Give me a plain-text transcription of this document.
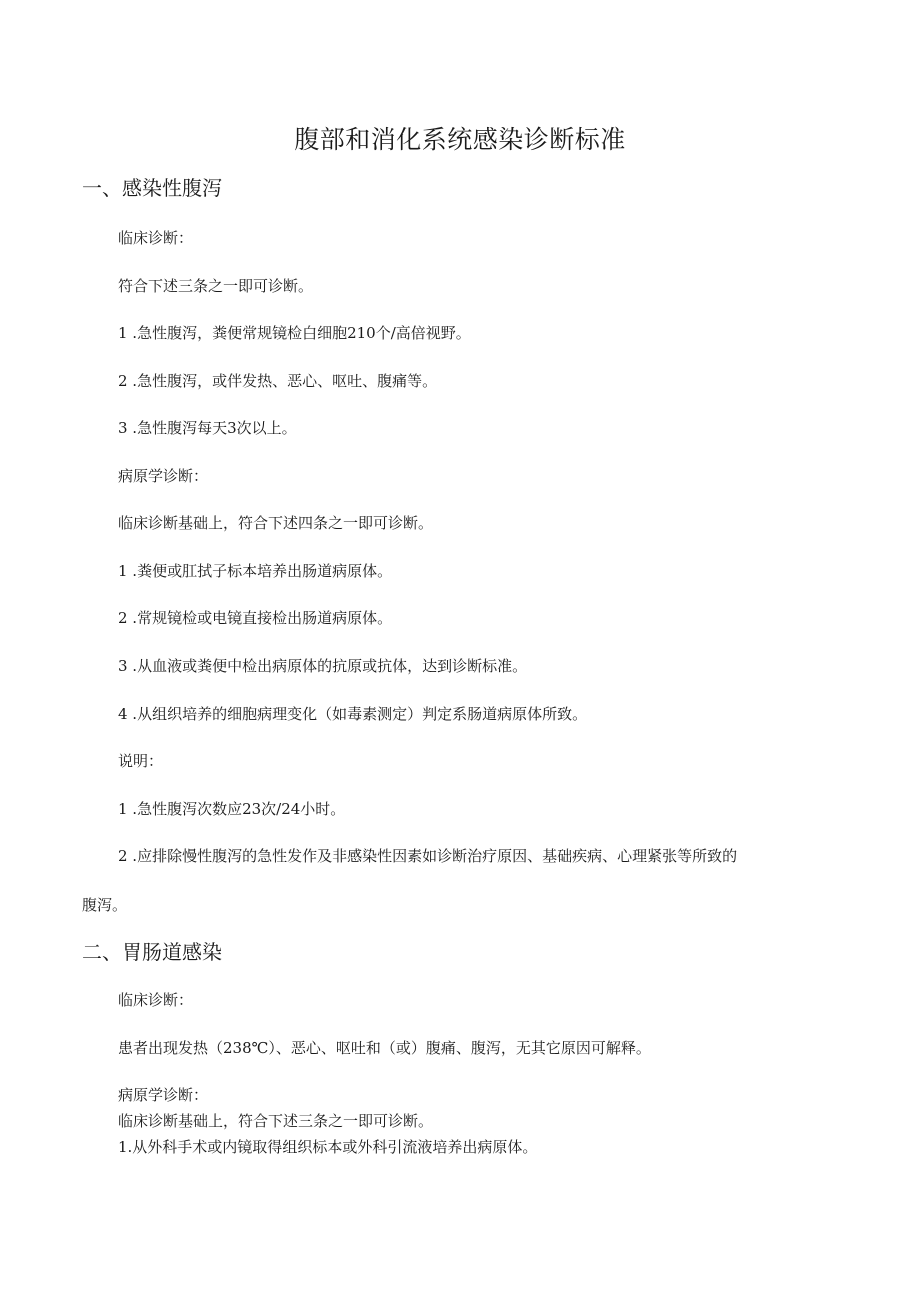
腹部和消化系统感染诊断标准
一、感染性腹泻
临床诊断：
符合下述三条之一即可诊断。
1 .急性腹泻，粪便常规镜检白细胞210个/高倍视野。
2 .急性腹泻，或伴发热、恶心、呕吐、腹痛等。
3 .急性腹泻每天3次以上。
病原学诊断：
临床诊断基础上，符合下述四条之一即可诊断。
1 .粪便或肛拭子标本培养出肠道病原体。
2 .常规镜检或电镜直接检出肠道病原体。
3 .从血液或粪便中检出病原体的抗原或抗体，达到诊断标准。
4 .从组织培养的细胞病理变化（如毒素测定）判定系肠道病原体所致。
说明：
1 .急性腹泻次数应23次/24小时。
2 .应排除慢性腹泻的急性发作及非感染性因素如诊断治疗原因、基础疾病、心理紧张等所致的
腹泻。
二、胃肠道感染
临床诊断：
患者出现发热（238℃）、恶心、呕吐和（或）腹痛、腹泻，无其它原因可解释。
病原学诊断：
临床诊断基础上，符合下述三条之一即可诊断。
1.从外科手术或内镜取得组织标本或外科引流液培养出病原体。
